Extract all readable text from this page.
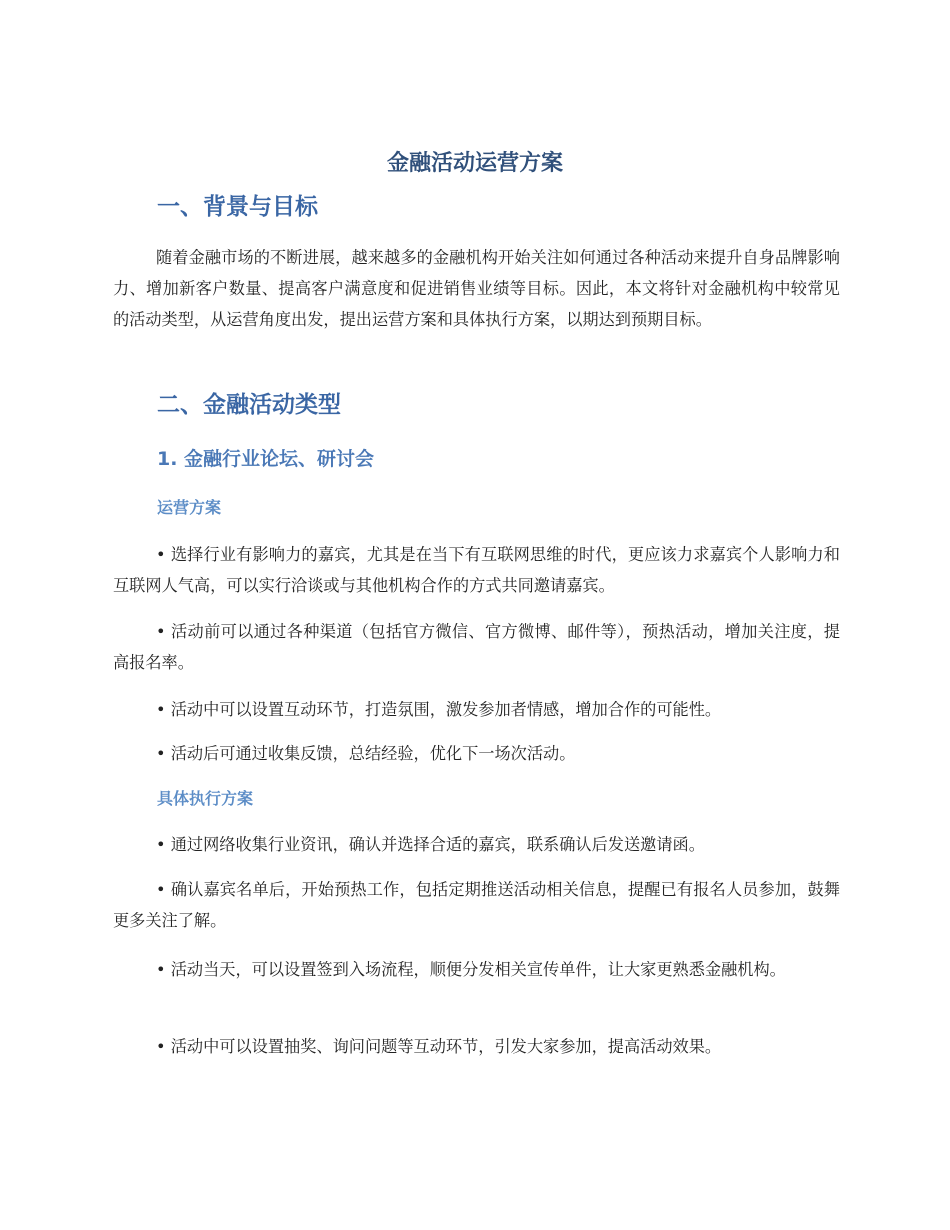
金融活动运营方案
一、背景与目标

随着金融市场的不断进展，越来越多的金融机构开始关注如何通过各种活动来提升自身品牌影响力、增加新客户数量、提高客户满意度和促进销售业绩等目标。因此，本文将针对金融机构中较常见的活动类型，从运营角度出发，提出运营方案和具体执行方案，以期达到预期目标。

二、金融活动类型
1. 金融行业论坛、研讨会
运营方案

• 选择行业有影响力的嘉宾，尤其是在当下有互联网思维的时代，更应该力求嘉宾个人影响力和互联网人气高，可以实行洽谈或与其他机构合作的方式共同邀请嘉宾。

• 活动前可以通过各种渠道（包括官方微信、官方微博、邮件等），预热活动，增加关注度，提高报名率。

• 活动中可以设置互动环节，打造氛围，激发参加者情感，增加合作的可能性。

• 活动后可通过收集反馈，总结经验，优化下一场次活动。

具体执行方案

• 通过网络收集行业资讯，确认并选择合适的嘉宾，联系确认后发送邀请函。

• 确认嘉宾名单后，开始预热工作，包括定期推送活动相关信息，提醒已有报名人员参加，鼓舞更多关注了解。

• 活动当天，可以设置签到入场流程，顺便分发相关宣传单件，让大家更熟悉金融机构。

• 活动中可以设置抽奖、询问问题等互动环节，引发大家参加，提高活动效果。
